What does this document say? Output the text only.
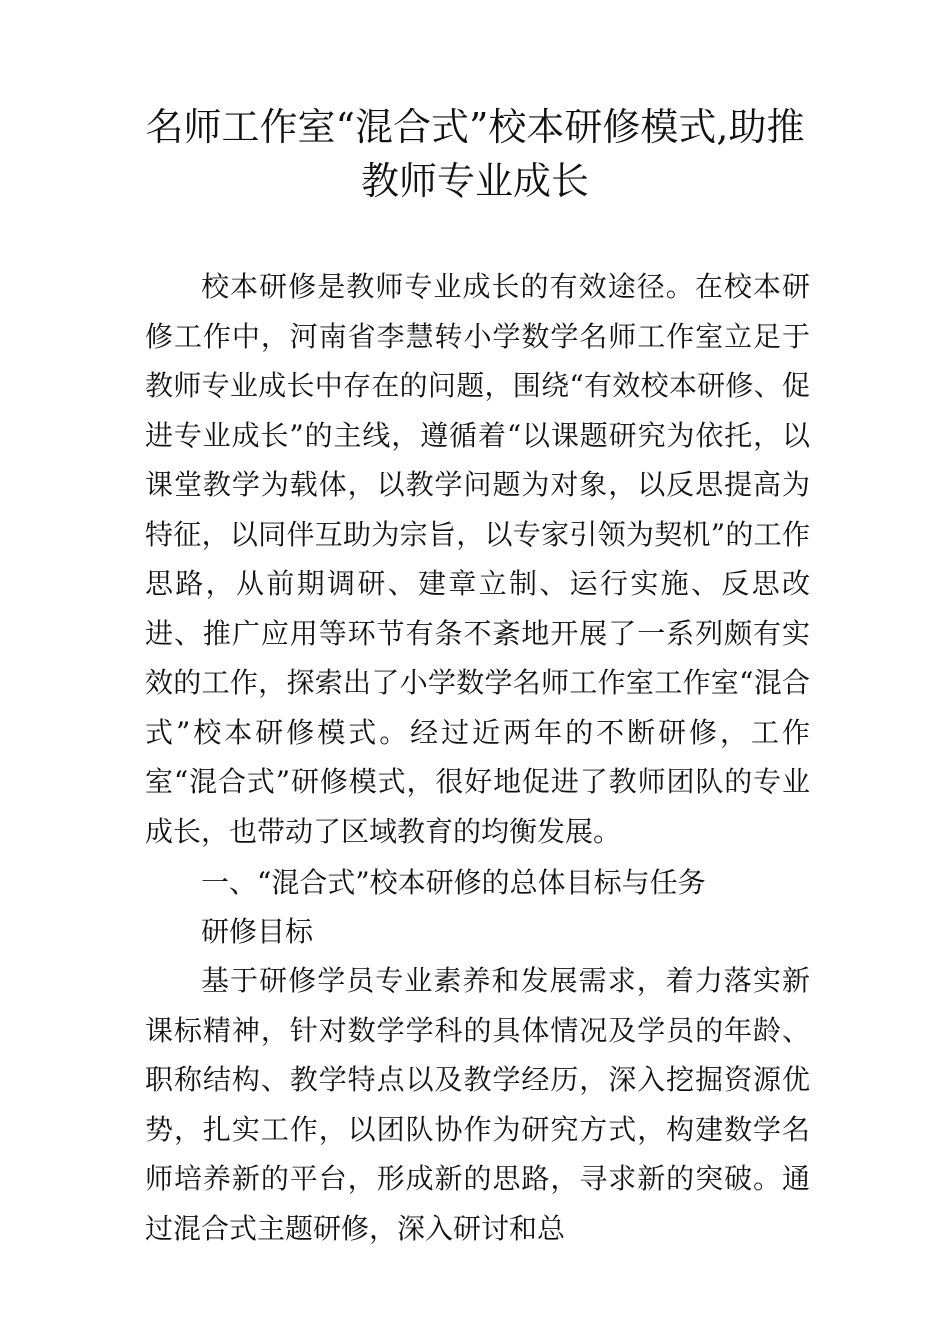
名师工作室“混合式”校本研修模式,助推教师专业成长

校本研修是教师专业成长的有效途径。在校本研修工作中，河南省李慧转小学数学名师工作室立足于教师专业成长中存在的问题，围绕“有效校本研修、促进专业成长”的主线，遵循着“以课题研究为依托，以课堂教学为载体，以教学问题为对象，以反思提高为特征，以同伴互助为宗旨，以专家引领为契机”的工作思路，从前期调研、建章立制、运行实施、反思改进、推广应用等环节有条不紊地开展了一系列颇有实效的工作，探索出了小学数学名师工作室工作室“混合式”校本研修模式。经过近两年的不断研修，工作室“混合式”研修模式，很好地促进了教师团队的专业成长，也带动了区域教育的均衡发展。

一、“混合式”校本研修的总体目标与任务
研修目标

基于研修学员专业素养和发展需求，着力落实新课标精神，针对数学学科的具体情况及学员的年龄、职称结构、教学特点以及教学经历，深入挖掘资源优势，扎实工作，以团队协作为研究方式，构建数学名师培养新的平台，形成新的思路，寻求新的突破。通过混合式主题研修，深入研讨和总
